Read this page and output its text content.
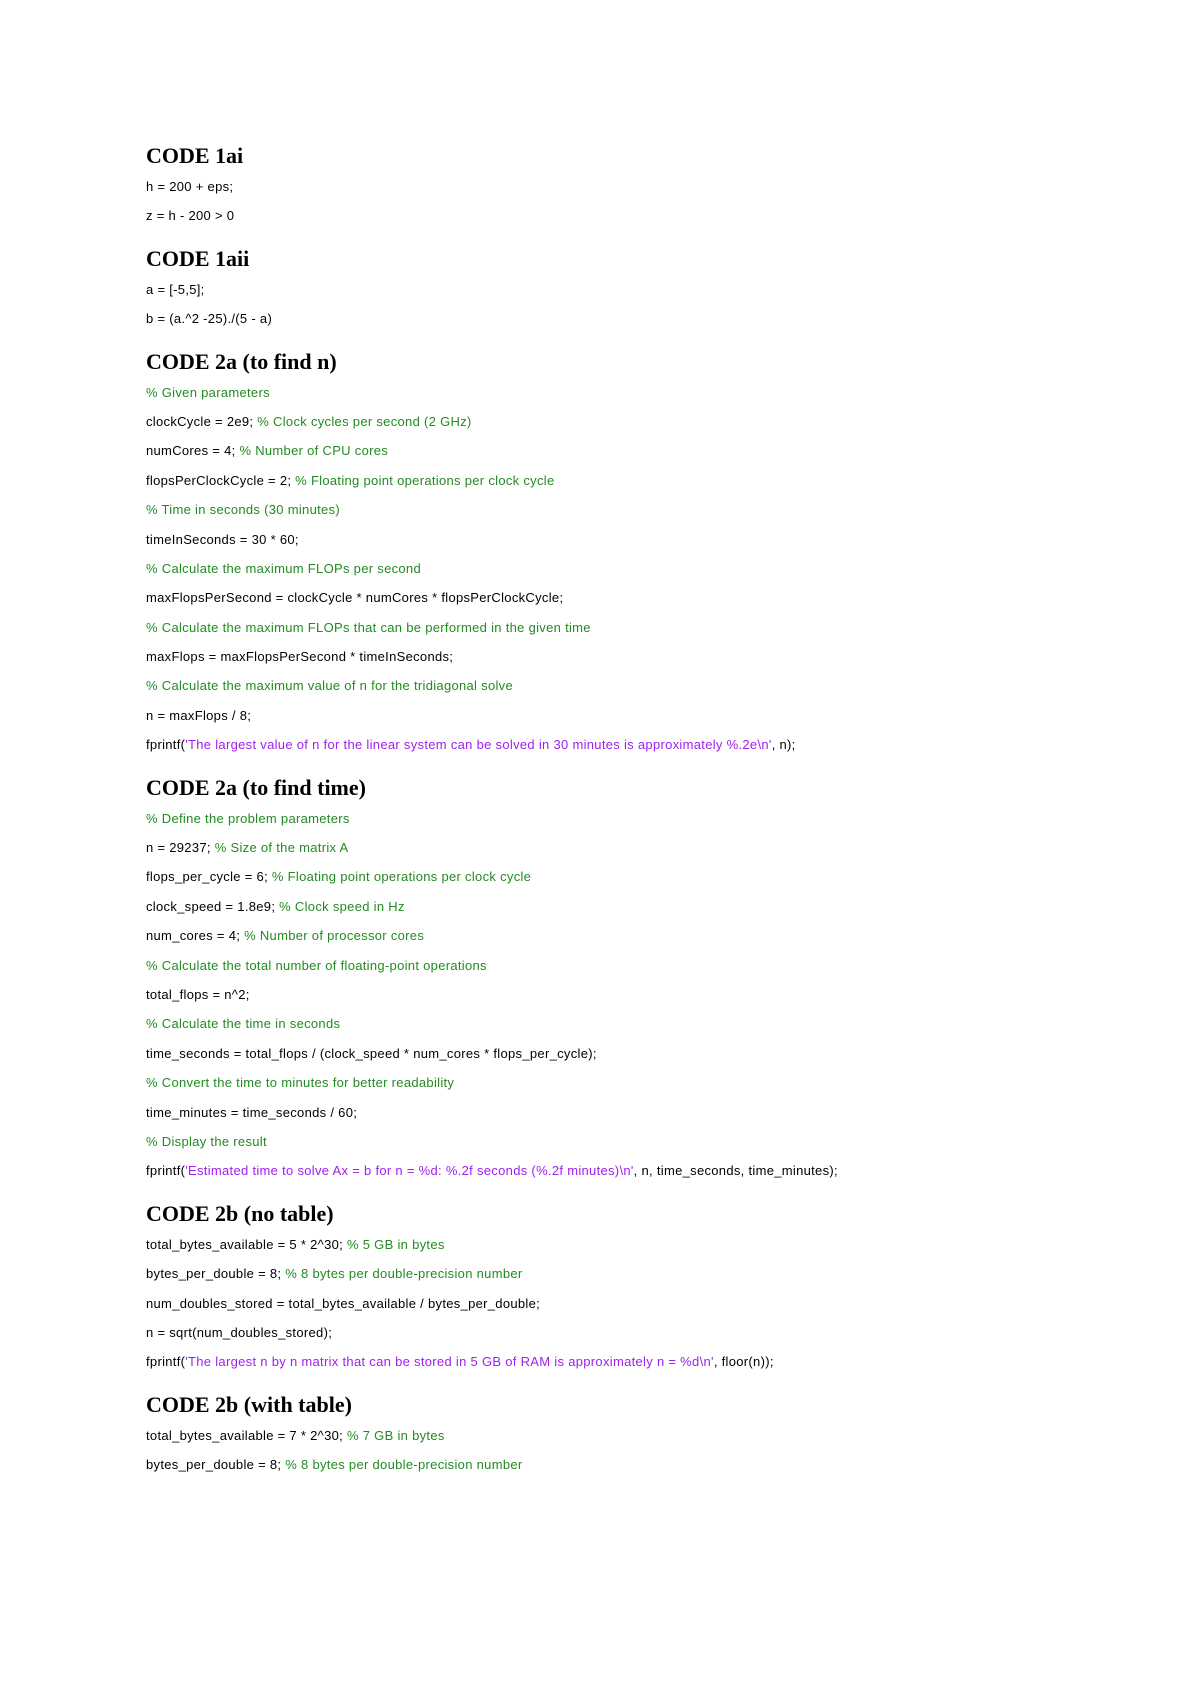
CODE 1ai
h = 200 + eps;
z = h - 200 > 0
CODE 1aii
a = [-5,5];
b = (a.^2 -25)./(5 - a)
CODE 2a (to find n)
% Given parameters
clockCycle = 2e9; % Clock cycles per second (2 GHz)
numCores = 4; % Number of CPU cores
flopsPerClockCycle = 2; % Floating point operations per clock cycle
% Time in seconds (30 minutes)
timeInSeconds = 30 * 60;
% Calculate the maximum FLOPs per second
maxFlopsPerSecond = clockCycle * numCores * flopsPerClockCycle;
% Calculate the maximum FLOPs that can be performed in the given time
maxFlops = maxFlopsPerSecond * timeInSeconds;
% Calculate the maximum value of n for the tridiagonal solve
n = maxFlops / 8;
fprintf('The largest value of n for the linear system can be solved in 30 minutes is approximately %.2e\n', n);
CODE 2a (to find time)
% Define the problem parameters
n = 29237; % Size of the matrix A
flops_per_cycle = 6; % Floating point operations per clock cycle
clock_speed = 1.8e9; % Clock speed in Hz
num_cores = 4; % Number of processor cores
% Calculate the total number of floating-point operations
total_flops = n^2;
% Calculate the time in seconds
time_seconds = total_flops / (clock_speed * num_cores * flops_per_cycle);
% Convert the time to minutes for better readability
time_minutes = time_seconds / 60;
% Display the result
fprintf('Estimated time to solve Ax = b for n = %d: %.2f seconds (%.2f minutes)\n', n, time_seconds, time_minutes);
CODE 2b (no table)
total_bytes_available = 5 * 2^30; % 5 GB in bytes
bytes_per_double = 8; % 8 bytes per double-precision number
num_doubles_stored = total_bytes_available / bytes_per_double;
n = sqrt(num_doubles_stored);
fprintf('The largest n by n matrix that can be stored in 5 GB of RAM is approximately n = %d\n', floor(n));
CODE 2b (with table)
total_bytes_available = 7 * 2^30; % 7 GB in bytes
bytes_per_double = 8; % 8 bytes per double-precision number
